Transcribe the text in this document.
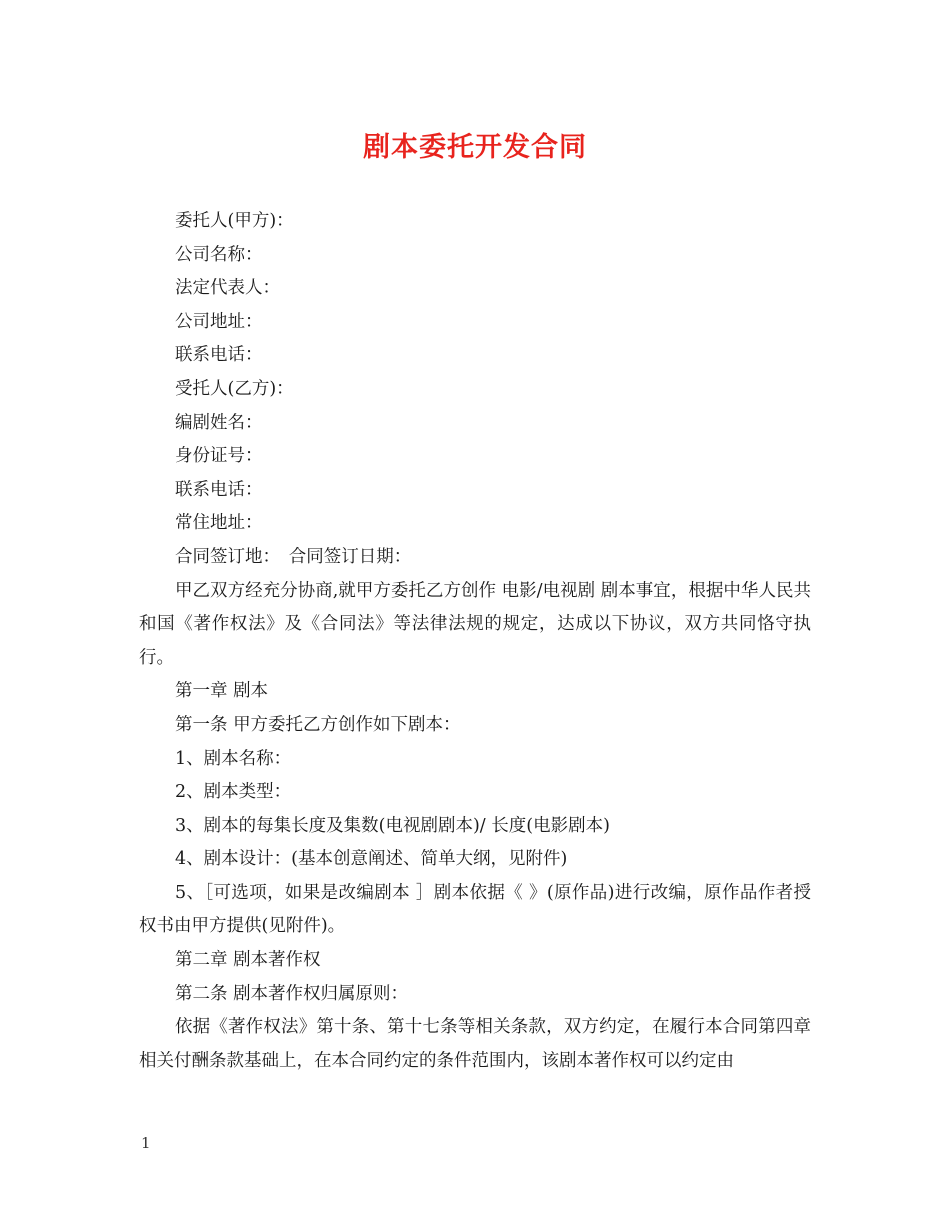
剧本委托开发合同

委托人(甲方)：

公司名称：

法定代表人：

公司地址：

联系电话：

受托人(乙方)：

编剧姓名：

身份证号：

联系电话：

常住地址：

合同签订地：　合同签订日期：

甲乙双方经充分协商,就甲方委托乙方创作 电影/电视剧 剧本事宜，根据中华人民共和国《著作权法》及《合同法》等法律法规的规定，达成以下协议，双方共同恪守执行。

第一章 剧本

第一条 甲方委托乙方创作如下剧本：

1、剧本名称：

2、剧本类型：

3、剧本的每集长度及集数(电视剧剧本)/ 长度(电影剧本)

4、剧本设计：(基本创意阐述、简单大纲，见附件)

5、［可选项，如果是改编剧本 ］剧本依据《 》(原作品)进行改编，原作品作者授权书由甲方提供(见附件)。

第二章 剧本著作权

第二条 剧本著作权归属原则：

依据《著作权法》第十条、第十七条等相关条款，双方约定，在履行本合同第四章相关付酬条款基础上，在本合同约定的条件范围内，该剧本著作权可以约定由

1
